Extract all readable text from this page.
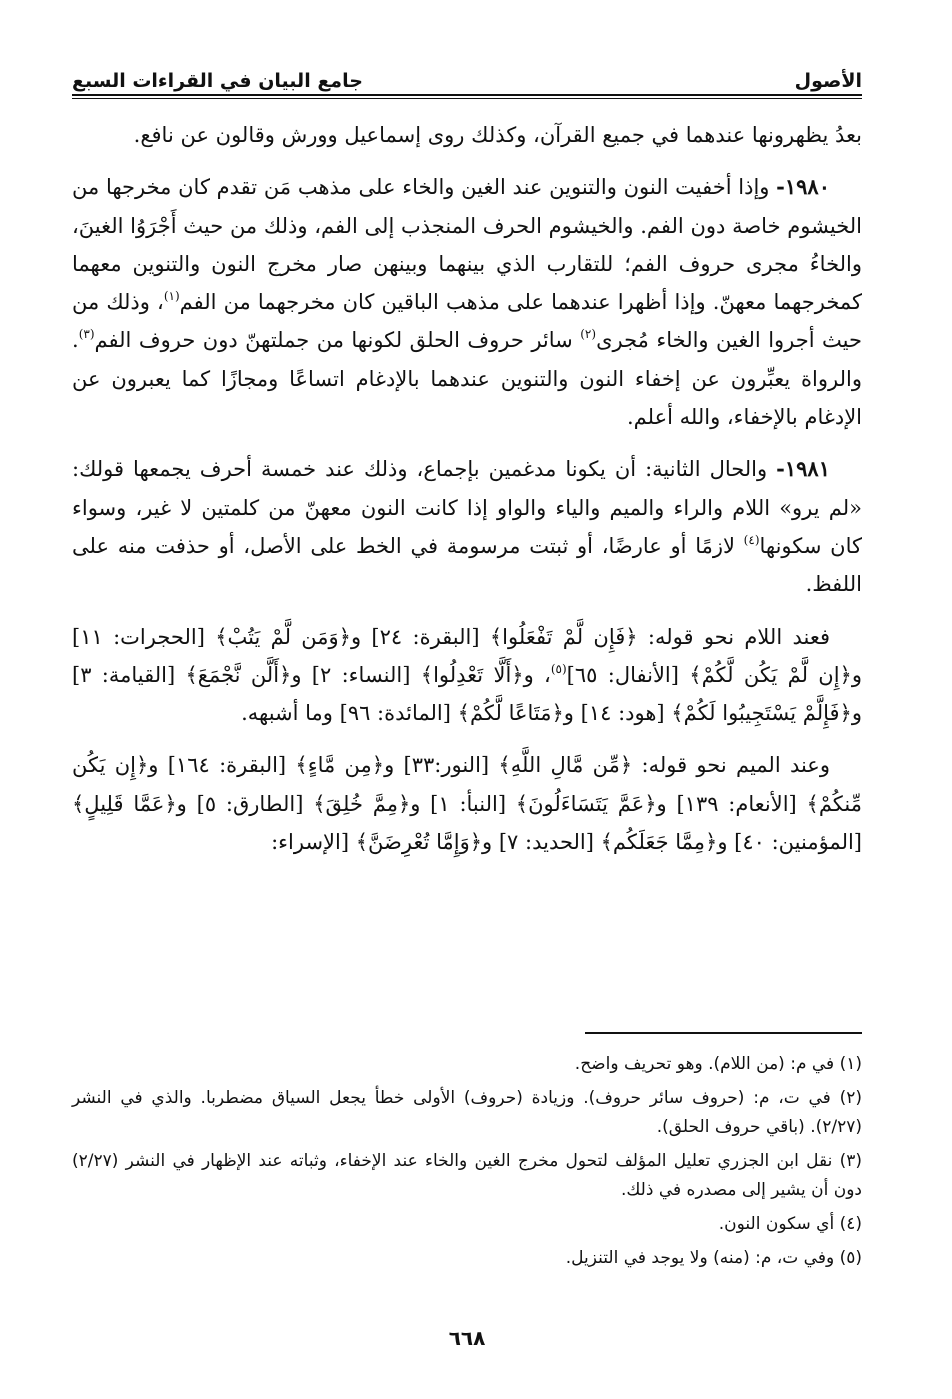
الأصول
جامع البيان في القراءات السبع

بعدُ يظهرونها عندهما في جميع القرآن، وكذلك روى إسماعيل وورش وقالون عن نافع.

١٩٨٠- وإذا أخفيت النون والتنوين عند الغين والخاء على مذهب مَن تقدم كان مخرجها من الخيشوم خاصة دون الفم. والخيشوم الحرف المنجذب إلى الفم، وذلك من حيث أَجْرَوُا الغينَ، والخاءُ مجرى حروف الفم؛ للتقارب الذي بينهما وبينهن صار مخرج النون والتنوين معهما كمخرجهما معهنّ. وإذا أظهرا عندهما على مذهب الباقين كان مخرجهما من الفم$^{(١)}$، وذلك من حيث أجروا الغين والخاء مُجرى$^{(٢)}$ سائر حروف الحلق لكونها من جملتهنّ دون حروف الفم$^{(٣)}$. والرواة يعبِّرون عن إخفاء النون والتنوين عندهما بالإدغام اتساعًا ومجازًا كما يعبرون عن الإدغام بالإخفاء، والله أعلم.

١٩٨١- والحال الثانية: أن يكونا مدغمين بإجماع، وذلك عند خمسة أحرف يجمعها قولك: «لم يرو» اللام والراء والميم والياء والواو إذا كانت النون معهنّ من كلمتين لا غير، وسواء كان سكونها$^{(٤)}$ لازمًا أو عارضًا، أو ثبتت مرسومة في الخط على الأصل، أو حذفت منه على اللفظ.

فعند اللام نحو قوله: ﴿فَإِن لَّمْ تَفْعَلُوا﴾ [البقرة: ٢٤] و﴿وَمَن لَّمْ يَتُبْ﴾ [الحجرات: ١١] و﴿إِن لَّمْ يَكُن لَّكُمْ﴾ [الأنفال: ٦٥]$^{(٥)}$، و﴿أَلَّا تَعْدِلُوا﴾ [النساء: ٢] و﴿أَلَّن نَّجْمَعَ﴾ [القيامة: ٣] و﴿فَإِلَّمْ يَسْتَجِيبُوا لَكُمْ﴾ [هود: ١٤] و﴿مَتَاعًا لَّكُمْ﴾ [المائدة: ٩٦] وما أشبهه.

وعند الميم نحو قوله: ﴿مِّن مَّالِ اللَّهِ﴾ [النور:٣٣] و﴿مِن مَّاءٍ﴾ [البقرة: ١٦٤] و﴿إِن يَكُن مِّنكُمْ﴾ [الأنعام: ١٣٩] و﴿عَمَّ يَتَسَاءَلُونَ﴾ [النبأ: ١] و﴿مِمَّ خُلِقَ﴾ [الطارق: ٥] و﴿عَمَّا قَلِيلٍ﴾ [المؤمنين: ٤٠] و﴿مِمَّا جَعَلَكُم﴾ [الحديد: ٧] و﴿وَإِمَّا تُعْرِضَنَّ﴾ [الإسراء:

(١) في م: (من اللام). وهو تحريف واضح.

(٢) في ت، م: (حروف سائر حروف). وزيادة (حروف) الأولى خطأ يجعل السياق مضطربا. والذي في النشر (٢/٢٧). (باقي حروف الحلق).

(٣) نقل ابن الجزري تعليل المؤلف لتحول مخرج الغين والخاء عند الإخفاء، وثباته عند الإظهار في النشر (٢/٢٧) دون أن يشير إلى مصدره في ذلك.

(٤) أي سكون النون.

(٥) وفي ت، م: (منه) ولا يوجد في التنزيل.

٦٦٨
